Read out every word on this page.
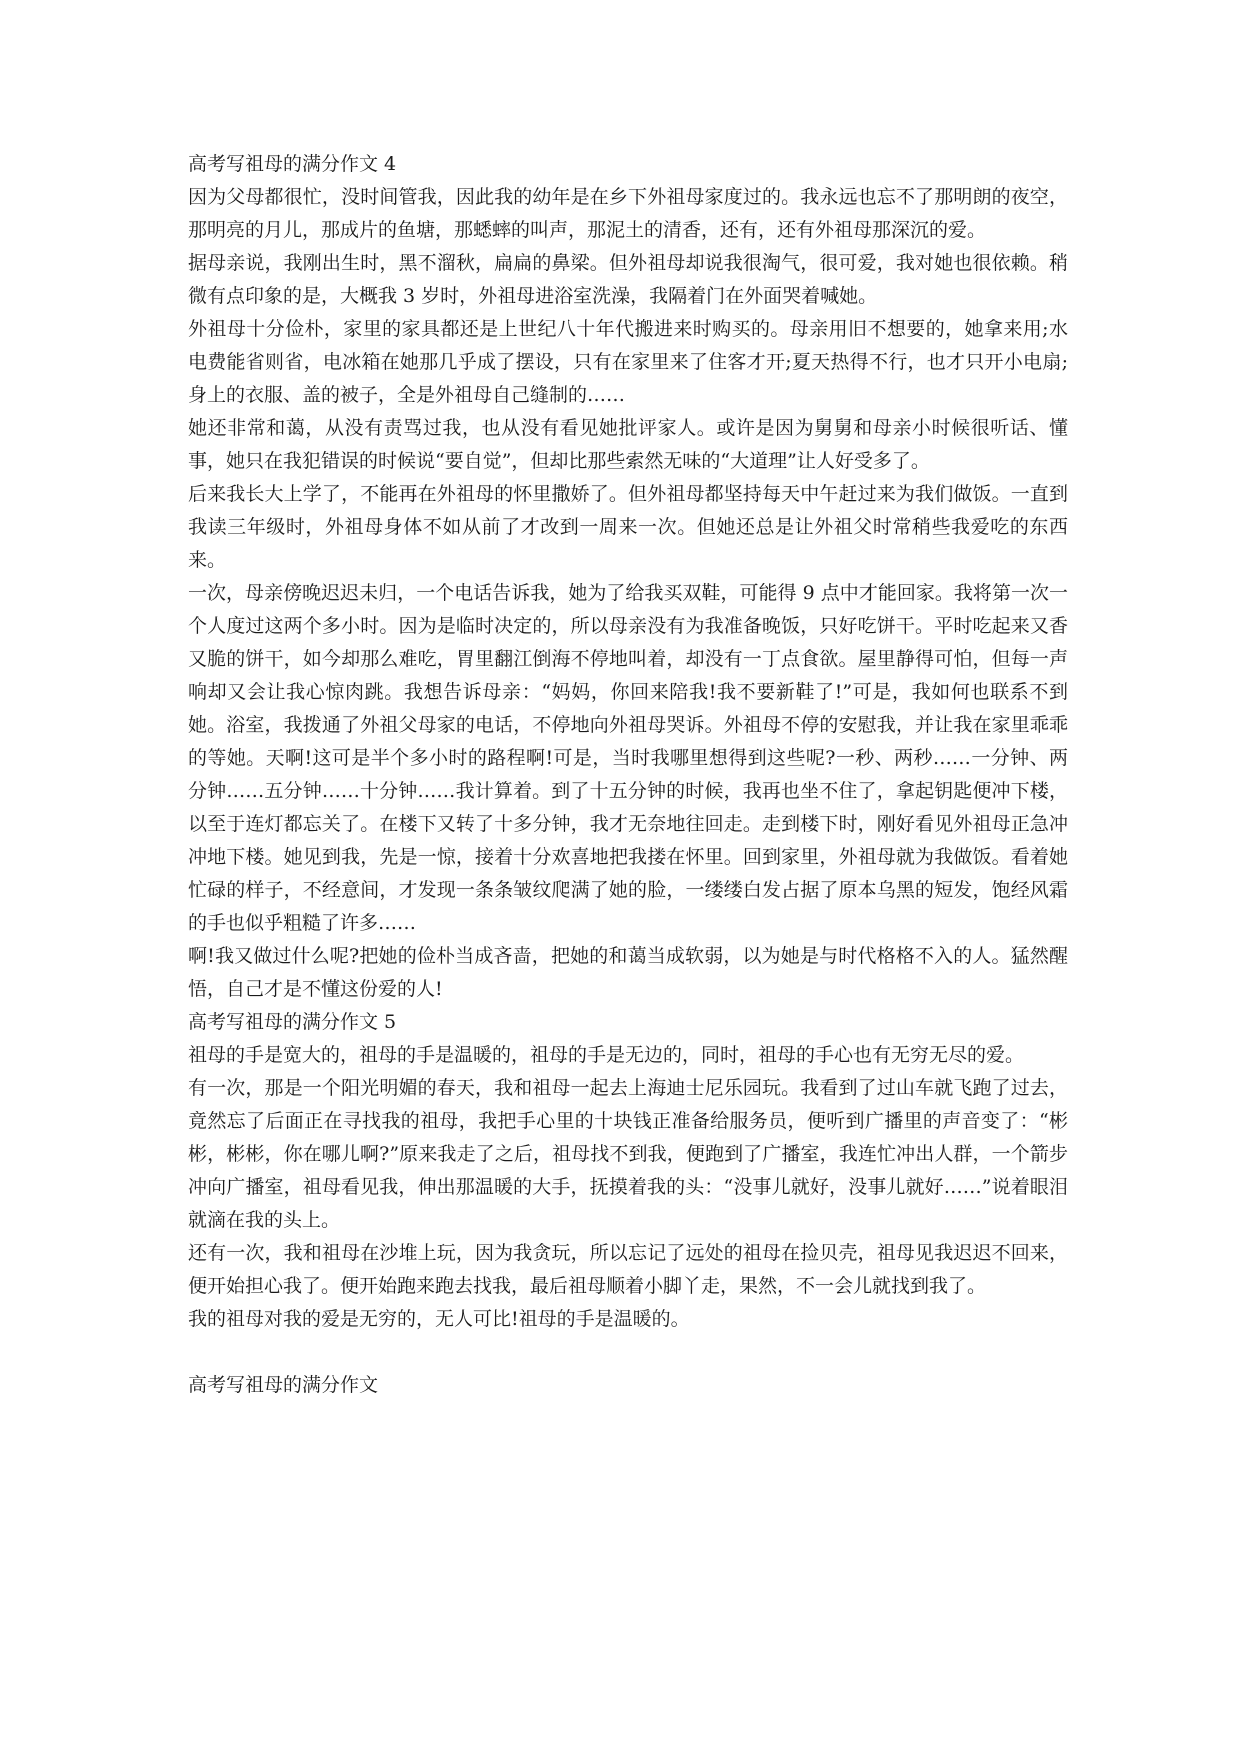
高考写祖母的满分作文 4

因为父母都很忙，没时间管我，因此我的幼年是在乡下外祖母家度过的。我永远也忘不了那明朗的夜空，那明亮的月儿，那成片的鱼塘，那蟋蟀的叫声，那泥土的清香，还有，还有外祖母那深沉的爱。

据母亲说，我刚出生时，黑不溜秋，扁扁的鼻梁。但外祖母却说我很淘气，很可爱，我对她也很依赖。稍微有点印象的是，大概我 3 岁时，外祖母进浴室洗澡，我隔着门在外面哭着喊她。

外祖母十分俭朴，家里的家具都还是上世纪八十年代搬进来时购买的。母亲用旧不想要的，她拿来用;水电费能省则省，电冰箱在她那几乎成了摆设，只有在家里来了住客才开;夏天热得不行，也才只开小电扇;身上的衣服、盖的被子，全是外祖母自己缝制的……

她还非常和蔼，从没有责骂过我，也从没有看见她批评家人。或许是因为舅舅和母亲小时候很听话、懂事，她只在我犯错误的时候说“要自觉”，但却比那些索然无味的“大道理”让人好受多了。

后来我长大上学了，不能再在外祖母的怀里撒娇了。但外祖母都坚持每天中午赶过来为我们做饭。一直到我读三年级时，外祖母身体不如从前了才改到一周来一次。但她还总是让外祖父时常稍些我爱吃的东西来。

一次，母亲傍晚迟迟未归，一个电话告诉我，她为了给我买双鞋，可能得 9 点中才能回家。我将第一次一个人度过这两个多小时。因为是临时决定的，所以母亲没有为我准备晚饭，只好吃饼干。平时吃起来又香又脆的饼干，如今却那么难吃，胃里翻江倒海不停地叫着，却没有一丁点食欲。屋里静得可怕，但每一声响却又会让我心惊肉跳。我想告诉母亲：“妈妈，你回来陪我!我不要新鞋了!”可是，我如何也联系不到她。浴室，我拨通了外祖父母家的电话，不停地向外祖母哭诉。外祖母不停的安慰我，并让我在家里乖乖的等她。天啊!这可是半个多小时的路程啊!可是，当时我哪里想得到这些呢?一秒、两秒……一分钟、两分钟……五分钟……十分钟……我计算着。到了十五分钟的时候，我再也坐不住了，拿起钥匙便冲下楼，以至于连灯都忘关了。在楼下又转了十多分钟，我才无奈地往回走。走到楼下时，刚好看见外祖母正急冲冲地下楼。她见到我，先是一惊，接着十分欢喜地把我搂在怀里。回到家里，外祖母就为我做饭。看着她忙碌的样子，不经意间，才发现一条条皱纹爬满了她的脸，一缕缕白发占据了原本乌黑的短发，饱经风霜的手也似乎粗糙了许多……

啊!我又做过什么呢?把她的俭朴当成吝啬，把她的和蔼当成软弱，以为她是与时代格格不入的人。猛然醒悟，自己才是不懂这份爱的人!

高考写祖母的满分作文 5

祖母的手是宽大的，祖母的手是温暖的，祖母的手是无边的，同时，祖母的手心也有无穷无尽的爱。

有一次，那是一个阳光明媚的春天，我和祖母一起去上海迪士尼乐园玩。我看到了过山车就飞跑了过去，竟然忘了后面正在寻找我的祖母，我把手心里的十块钱正准备给服务员，便听到广播里的声音变了：“彬彬，彬彬，你在哪儿啊?”原来我走了之后，祖母找不到我，便跑到了广播室，我连忙冲出人群，一个箭步冲向广播室，祖母看见我，伸出那温暖的大手，抚摸着我的头：“没事儿就好，没事儿就好……”说着眼泪就滴在我的头上。

还有一次，我和祖母在沙堆上玩，因为我贪玩，所以忘记了远处的祖母在捡贝壳，祖母见我迟迟不回来，便开始担心我了。便开始跑来跑去找我，最后祖母顺着小脚丫走，果然，不一会儿就找到我了。

我的祖母对我的爱是无穷的，无人可比!祖母的手是温暖的。

高考写祖母的满分作文
